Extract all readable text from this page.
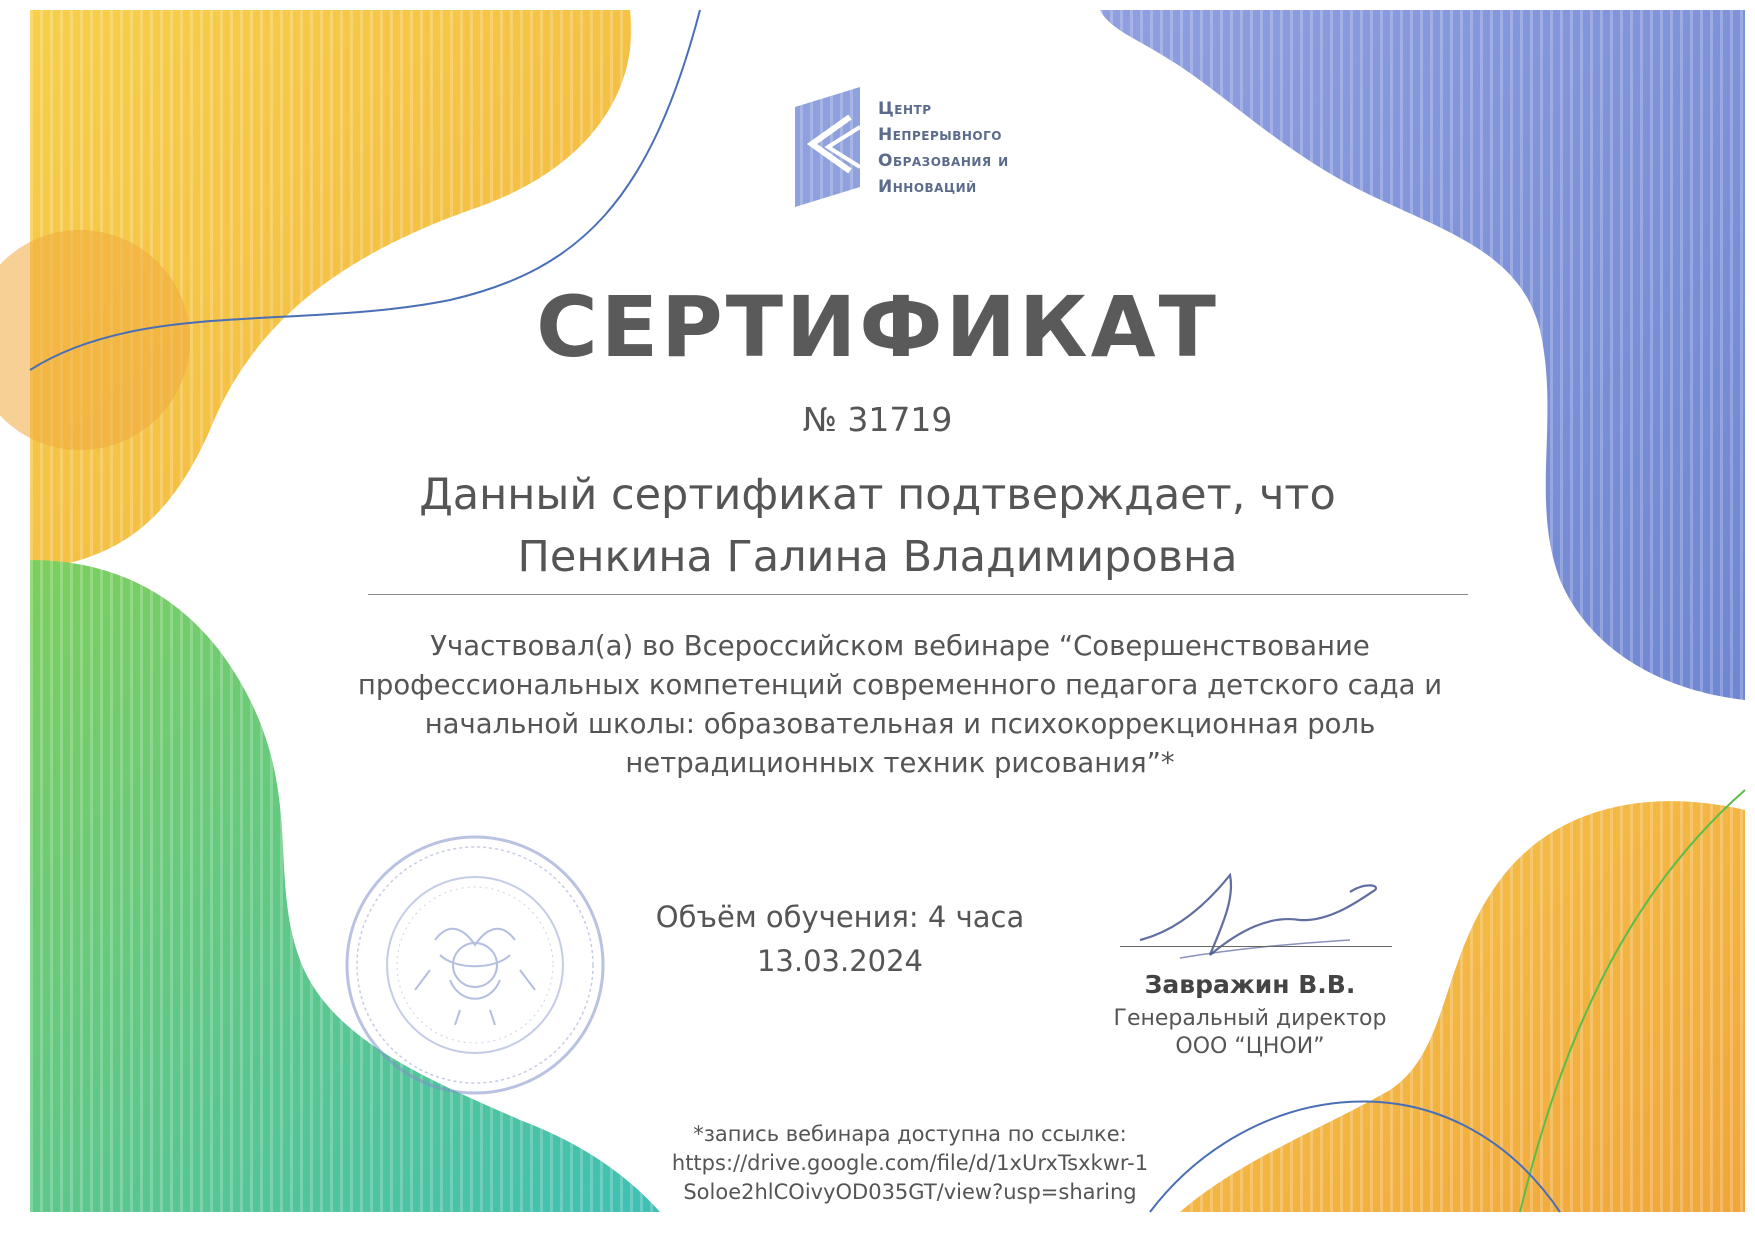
Центр
Непрерывного
Образования и
Инноваций
СЕРТИФИКАТ
№ 31719
Данный сертификат подтверждает, что
Пенкина Галина Владимировна
Участвовал(а) во Всероссийском вебинаре “Совершенствование
профессиональных компетенций современного педагога детского сада и
начальной школы: образовательная и психокоррекционная роль
нетрадиционных техник рисования”*
Объём обучения: 4 часа
13.03.2024
Завражин В.В.
Генеральный директор
ООО “ЦНОИ”
*запись вебинара доступна по ссылке:
https://drive.google.com/file/d/1xUrxTsxkwr-1
Soloe2hlCOivyOD035GT/view?usp=sharing
